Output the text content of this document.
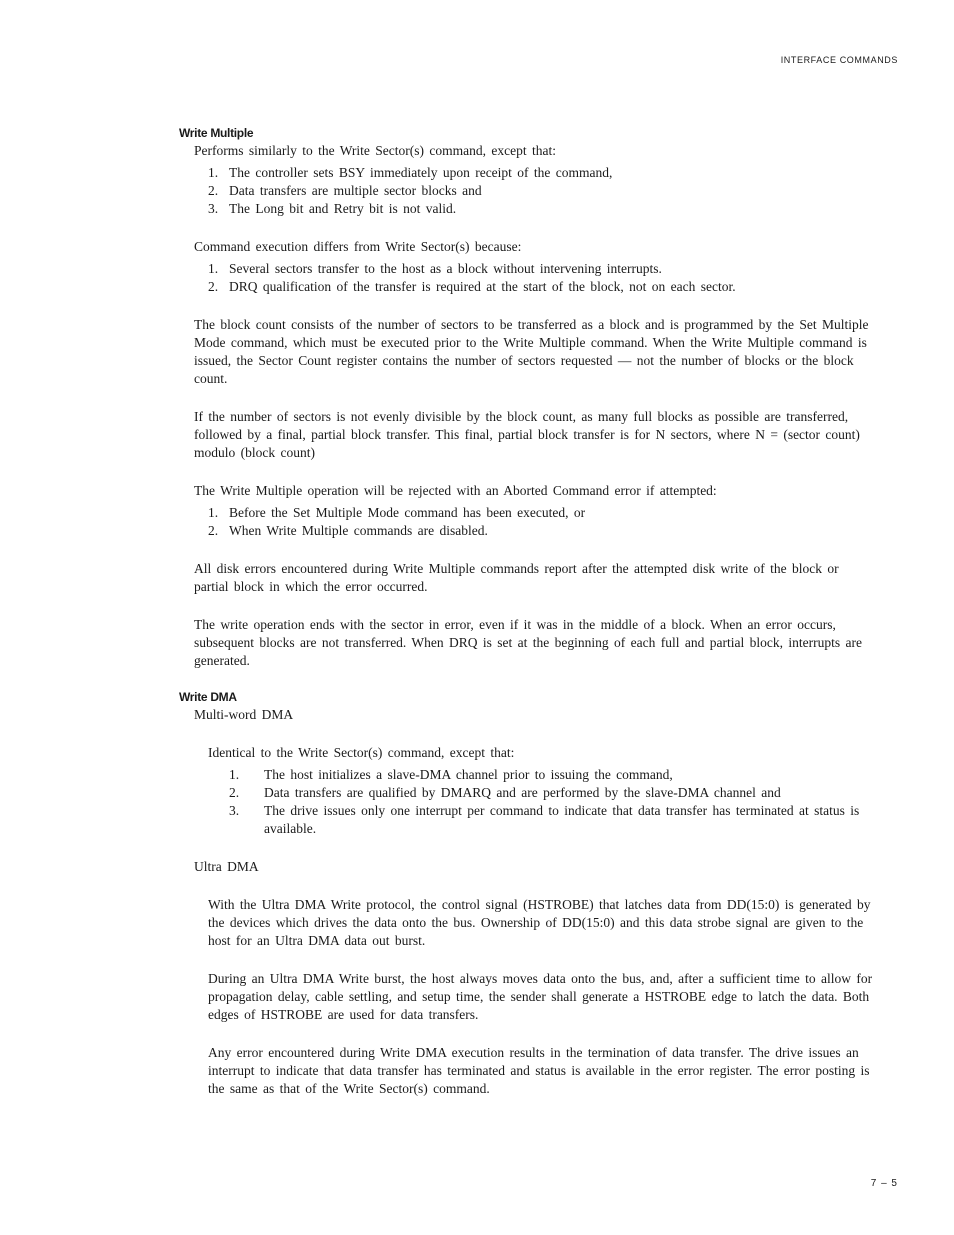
INTERFACE COMMANDS
Write Multiple

Performs similarly to the Write Sector(s) command, except that:

1. The controller sets BSY immediately upon receipt of the command,
2. Data transfers are multiple sector blocks and
3. The Long bit and Retry bit is not valid.

Command execution differs from Write Sector(s) because:

1. Several sectors transfer to the host as a block without intervening interrupts.
2. DRQ qualification of the transfer is required at the start of the block, not on each sector.

The block count consists of the number of sectors to be transferred as a block and is programmed by the Set Multiple Mode command, which must be executed prior to the Write Multiple command. When the Write Multiple command is issued, the Sector Count register contains the number of sectors requested — not the number of blocks or the block count.

If the number of sectors is not evenly divisible by the block count, as many full blocks as possible are transferred, followed by a final, partial block transfer. This final, partial block transfer is for N sectors, where N = (sector count) modulo (block count)

The Write Multiple operation will be rejected with an Aborted Command error if attempted:

1. Before the Set Multiple Mode command has been executed, or
2. When Write Multiple commands are disabled.

All disk errors encountered during Write Multiple commands report after the attempted disk write of the block or partial block in which the error occurred.

The write operation ends with the sector in error, even if it was in the middle of a block. When an error occurs, subsequent blocks are not transferred. When DRQ is set at the beginning of each full and partial block, interrupts are generated.

Write DMA

Multi-word DMA

Identical to the Write Sector(s) command, except that:

1. The host initializes a slave-DMA channel prior to issuing the command,
2. Data transfers are qualified by DMARQ and are performed by the slave-DMA channel and
3. The drive issues only one interrupt per command to indicate that data transfer has terminated at status is available.

Ultra DMA

With the Ultra DMA Write protocol, the control signal (HSTROBE) that latches data from DD(15:0) is generated by the devices which drives the data onto the bus. Ownership of DD(15:0) and this data strobe signal are given to the host for an Ultra DMA data out burst.

During an Ultra DMA Write burst, the host always moves data onto the bus, and, after a sufficient time to allow for propagation delay, cable settling, and setup time, the sender shall generate a HSTROBE edge to latch the data. Both edges of HSTROBE are used for data transfers.

Any error encountered during Write DMA execution results in the termination of data transfer. The drive issues an interrupt to indicate that data transfer has terminated and status is available in the error register. The error posting is the same as that of the Write Sector(s) command.

7 – 5
